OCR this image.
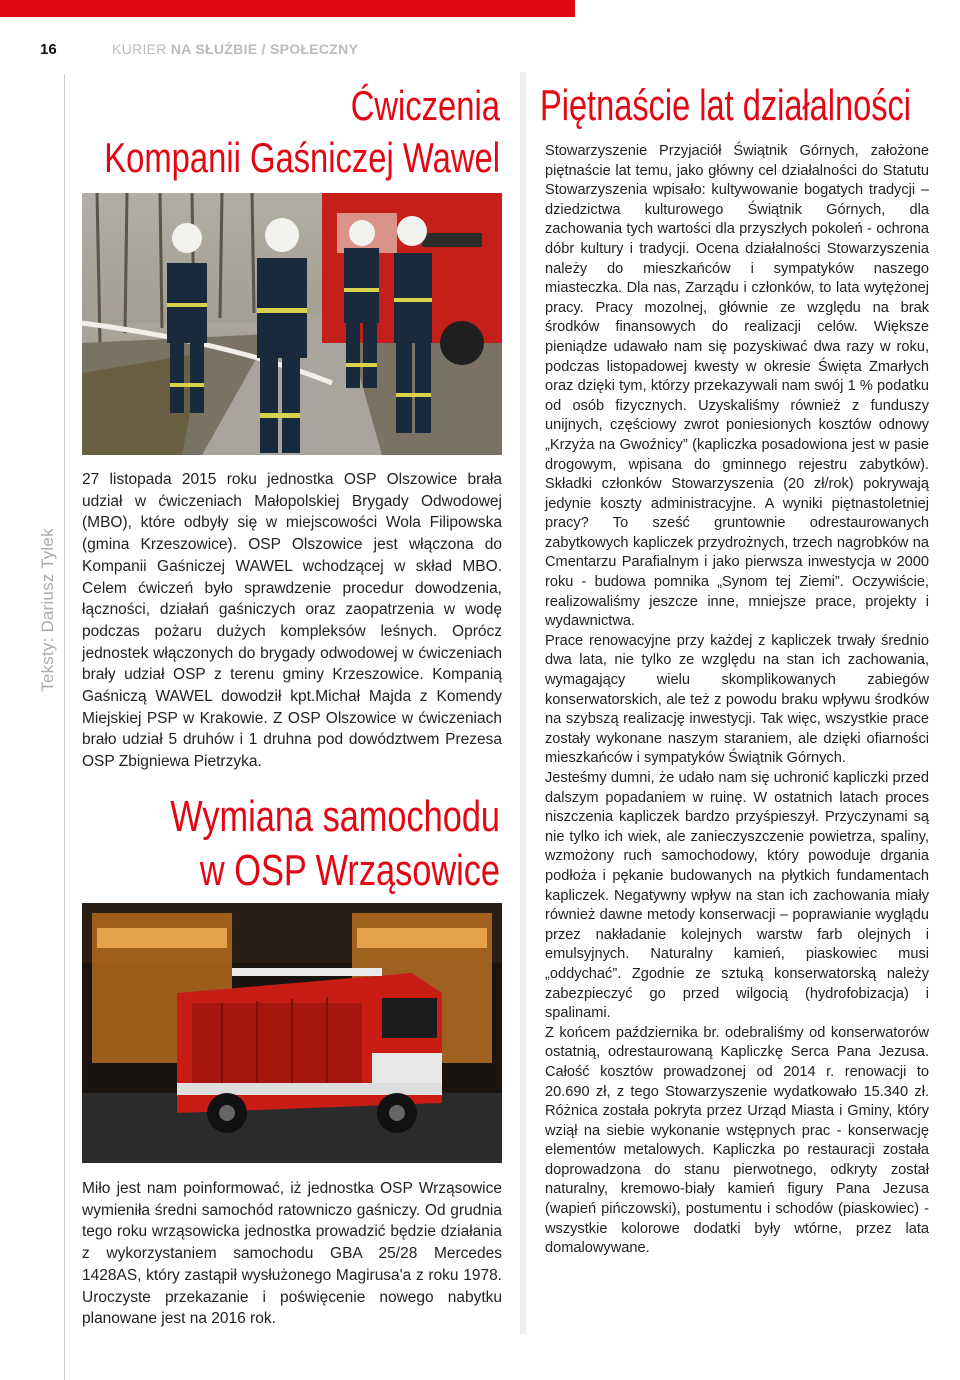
16	KURIER NA SŁUŻBIE / SPOŁECZNY
Teksty: Dariusz Tylek
Ćwiczenia
Kompanii Gaśniczej Wawel

27 listopada 2015 roku jednostka OSP Olszowice brała udział w ćwiczeniach Małopolskiej Brygady Odwodowej (MBO), które odbyły się w miejscowości Wola Filipowska (gmina Krzeszowice). OSP Olszowice jest włączona do Kompanii Gaśniczej WAWEL wchodzącej w skład MBO. Celem ćwiczeń było sprawdzenie procedur dowodzenia, łączności, działań gaśniczych oraz zaopatrzenia w wodę podczas pożaru dużych kompleksów leśnych. Oprócz jednostek włączonych do brygady odwodowej w ćwiczeniach brały udział OSP z terenu gminy Krzeszowice. Kompanią Gaśniczą WAWEL dowodził kpt.Michał Majda z Komendy Miejskiej PSP w Krakowie. Z OSP Olszowice w ćwiczeniach brało udział 5 druhów i 1 druhna pod dowództwem Prezesa OSP Zbigniewa Pietrzyka.

Wymiana samochodu
w OSP Wrząsowice

Miło jest nam poinformować, iż jednostka OSP Wrząsowice wymieniła średni samochód ratowniczo gaśniczy. Od grudnia tego roku wrząsowicka jednostka prowadzić będzie działania z wykorzystaniem samochodu GBA 25/28 Mercedes 1428AS, który zastąpił wysłużonego Magirusa'a z roku 1978. Uroczyste przekazanie i poświęcenie nowego nabytku planowane jest na 2016 rok.

Piętnaście lat działalności

Stowarzyszenie Przyjaciół Świątnik Górnych, założone piętnaście lat temu, jako główny cel działalności do Statutu Stowarzyszenia wpisało: kultywowanie bogatych tradycji – dziedzictwa kulturowego Świątnik Górnych, dla zachowania tych wartości dla przyszłych pokoleń - ochrona dóbr kultury i tradycji. Ocena działalności Stowarzyszenia należy do mieszkańców i sympatyków naszego miasteczka. Dla nas, Zarządu i członków, to lata wytężonej pracy. Pracy mozolnej, głównie ze względu na brak środków finansowych do realizacji celów. Większe pieniądze udawało nam się pozyskiwać dwa razy w roku, podczas listopadowej kwesty w okresie Święta Zmarłych oraz dzięki tym, którzy przekazywali nam swój 1 % podatku od osób fizycznych. Uzyskaliśmy również z funduszy unijnych, częściowy zwrot poniesionych kosztów odnowy „Krzyża na Gwoźnicy” (kapliczka posadowiona jest w pasie drogowym, wpisana do gminnego rejestru zabytków). Składki członków Stowarzyszenia (20 zł/rok) pokrywają jedynie koszty administracyjne. A wyniki piętnastoletniej pracy? To sześć gruntownie odrestaurowanych zabytkowych kapliczek przydrożnych, trzech nagrobków na Cmentarzu Parafialnym i jako pierwsza inwestycja w 2000 roku - budowa pomnika „Synom tej Ziemi”. Oczywiście, realizowaliśmy jeszcze inne, mniejsze prace, projekty i wydawnictwa.

Prace renowacyjne przy każdej z kapliczek trwały średnio dwa lata, nie tylko ze względu na stan ich zachowania, wymagający wielu skomplikowanych zabiegów konserwatorskich, ale też z powodu braku wpływu środków na szybszą realizację inwestycji. Tak więc, wszystkie prace zostały wykonane naszym staraniem, ale dzięki ofiarności mieszkańców i sympatyków Świątnik Górnych.

Jesteśmy dumni, że udało nam się uchronić kapliczki przed dalszym popadaniem w ruinę. W ostatnich latach proces niszczenia kapliczek bardzo przyśpieszył. Przyczynami są nie tylko ich wiek, ale zanieczyszczenie powietrza, spaliny, wzmożony ruch samochodowy, który powoduje drgania podłoża i pękanie budowanych na płytkich fundamentach kapliczek. Negatywny wpływ na stan ich zachowania miały również dawne metody konserwacji – poprawianie wyglądu przez nakładanie kolejnych warstw farb olejnych i emulsyjnych. Naturalny kamień, piaskowiec musi „oddychać”. Zgodnie ze sztuką konserwatorską należy zabezpieczyć go przed wilgocią (hydrofobizacja) i spalinami.

Z końcem października br. odebraliśmy od konserwatorów ostatnią, odrestaurowaną Kapliczkę Serca Pana Jezusa. Całość kosztów prowadzonej od 2014 r. renowacji to 20.690 zł, z tego Stowarzyszenie wydatkowało 15.340 zł. Różnica została pokryta przez Urząd Miasta i Gminy, który wziął na siebie wykonanie wstępnych prac - konserwację elementów metalowych. Kapliczka po restauracji została doprowadzona do stanu pierwotnego, odkryty został naturalny, kremowo-biały kamień figury Pana Jezusa (wapień pińczowski), postumentu i schodów (piaskowiec) - wszystkie kolorowe dodatki były wtórne, przez lata domalowywane.
